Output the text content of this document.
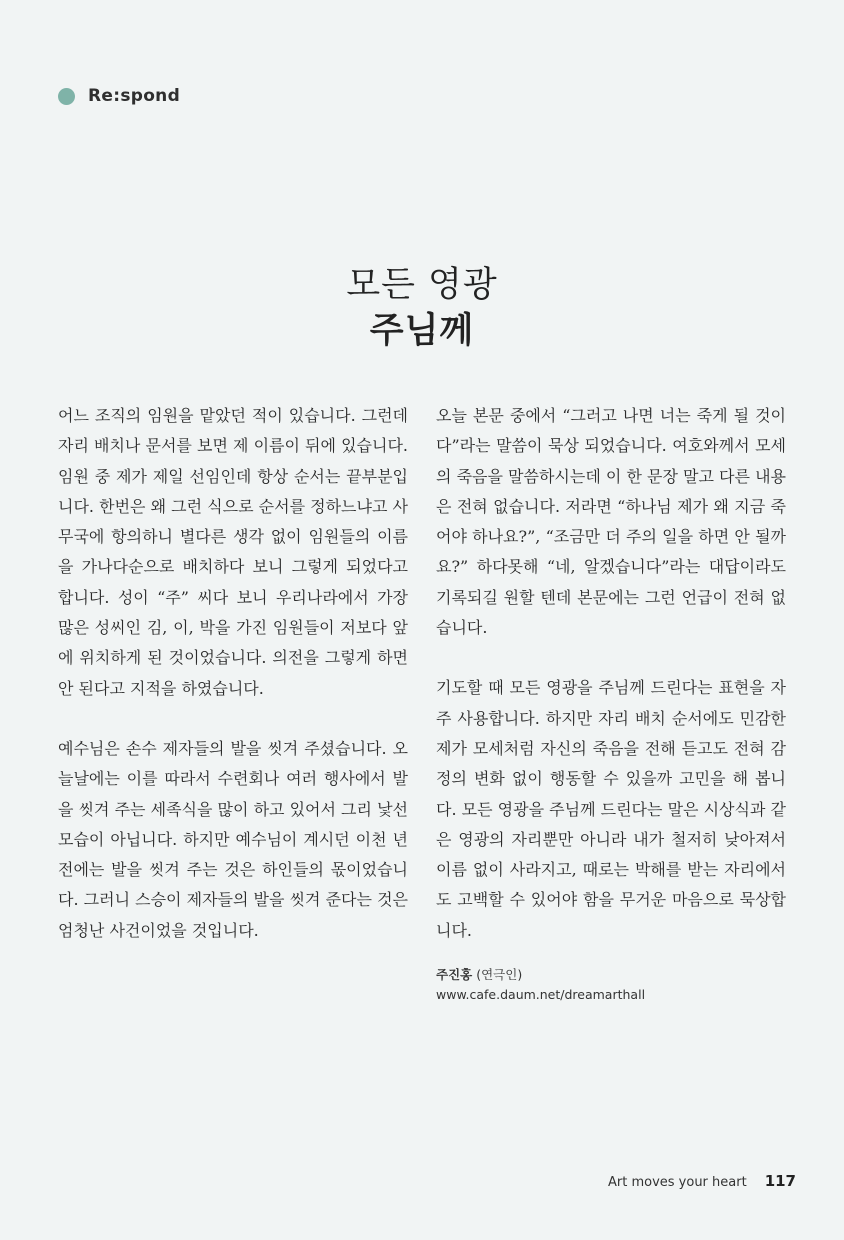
Re:spond
모든 영광
주님께

어느 조직의 임원을 맡았던 적이 있습니다. 그런데 자리 배치나 문서를 보면 제 이름이 뒤에 있습니다. 임원 중 제가 제일 선임인데 항상 순서는 끝부분입니다. 한번은 왜 그런 식으로 순서를 정하느냐고 사무국에 항의하니 별다른 생각 없이 임원들의 이름을 가나다순으로 배치하다 보니 그렇게 되었다고 합니다. 성이 “주” 씨다 보니 우리나라에서 가장 많은 성씨인 김, 이, 박을 가진 임원들이 저보다 앞에 위치하게 된 것이었습니다. 의전을 그렇게 하면 안 된다고 지적을 하였습니다.

예수님은 손수 제자들의 발을 씻겨 주셨습니다. 오늘날에는 이를 따라서 수련회나 여러 행사에서 발을 씻겨 주는 세족식을 많이 하고 있어서 그리 낯선 모습이 아닙니다. 하지만 예수님이 계시던 이천 년 전에는 발을 씻겨 주는 것은 하인들의 몫이었습니다. 그러니 스승이 제자들의 발을 씻겨 준다는 것은 엄청난 사건이었을 것입니다.

오늘 본문 중에서 “그러고 나면 너는 죽게 될 것이다”라는 말씀이 묵상 되었습니다. 여호와께서 모세의 죽음을 말씀하시는데 이 한 문장 말고 다른 내용은 전혀 없습니다. 저라면 “하나님 제가 왜 지금 죽어야 하나요?”, “조금만 더 주의 일을 하면 안 될까요?” 하다못해 “네, 알겠습니다”라는 대답이라도 기록되길 원할 텐데 본문에는 그런 언급이 전혀 없습니다.

기도할 때 모든 영광을 주님께 드린다는 표현을 자주 사용합니다. 하지만 자리 배치 순서에도 민감한 제가 모세처럼 자신의 죽음을 전해 듣고도 전혀 감정의 변화 없이 행동할 수 있을까 고민을 해 봅니다. 모든 영광을 주님께 드린다는 말은 시상식과 같은 영광의 자리뿐만 아니라 내가 철저히 낮아져서 이름 없이 사라지고, 때로는 박해를 받는 자리에서도 고백할 수 있어야 함을 무거운 마음으로 묵상합니다.

주진홍 (연극인)
www.cafe.daum.net/dreamarthall
Art moves your heart 117
